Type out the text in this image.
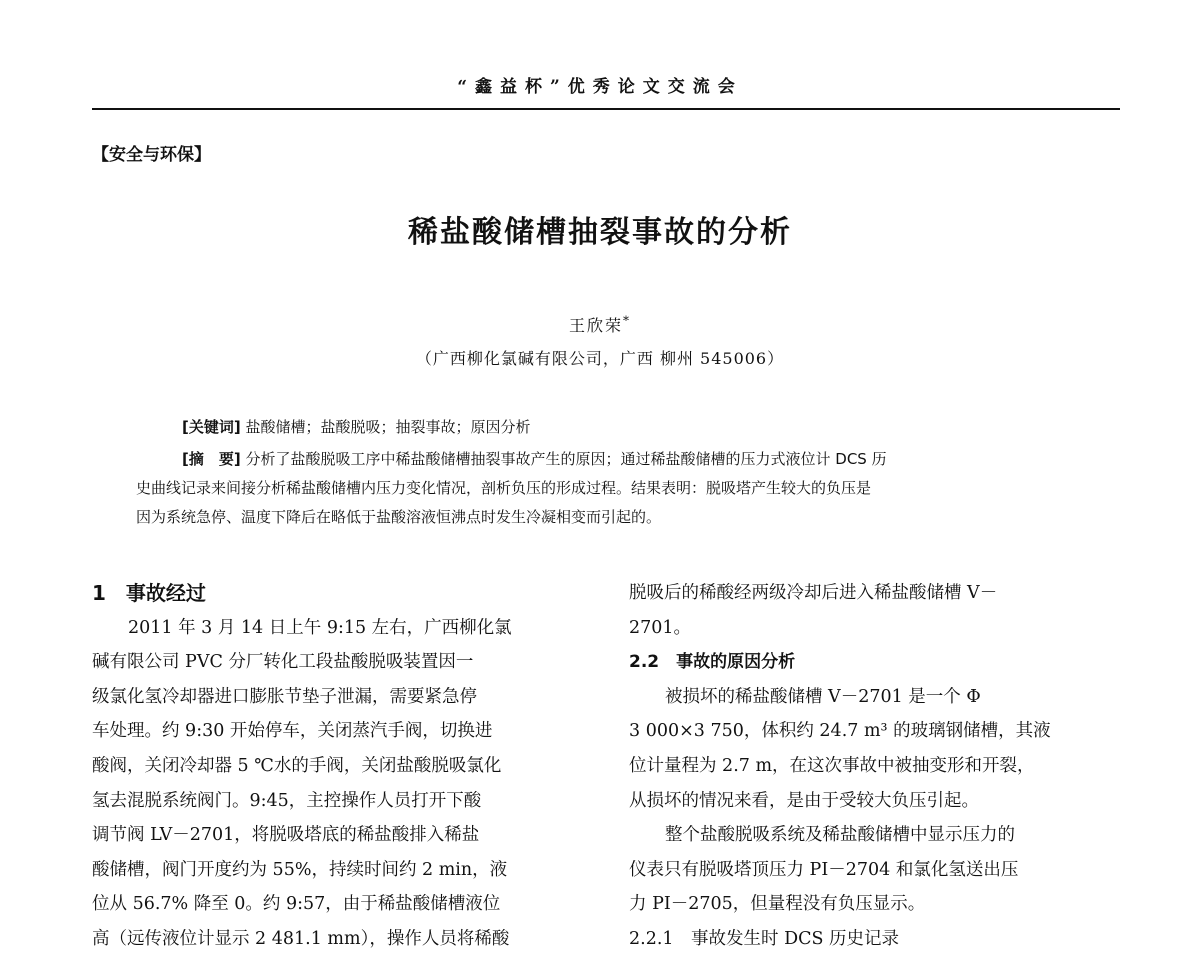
“鑫益杯”优秀论文交流会
【安全与环保】
稀盐酸储槽抽裂事故的分析
王欣荣*
（广西柳化氯碱有限公司，广西 柳州 545006）
[关键词] 盐酸储槽；盐酸脱吸；抽裂事故；原因分析
[摘　要] 分析了盐酸脱吸工序中稀盐酸储槽抽裂事故产生的原因；通过稀盐酸储槽的压力式液位计 DCS 历
史曲线记录来间接分析稀盐酸储槽内压力变化情况，剖析负压的形成过程。结果表明：脱吸塔产生较大的负压是
因为系统急停、温度下降后在略低于盐酸溶液恒沸点时发生冷凝相变而引起的。
1　事故经过
2011 年 3 月 14 日上午 9:15 左右，广西柳化氯
碱有限公司 PVC 分厂转化工段盐酸脱吸装置因一
级氯化氢冷却器进口膨胀节垫子泄漏，需要紧急停
车处理。约 9:30 开始停车，关闭蒸汽手阀，切换进
酸阀，关闭冷却器 5 ℃水的手阀，关闭盐酸脱吸氯化
氢去混脱系统阀门。9:45，主控操作人员打开下酸
调节阀 LV－2701，将脱吸塔底的稀盐酸排入稀盐
酸储槽，阀门开度约为 55%，持续时间约 2 min，液
位从 56.7% 降至 0。约 9:57，由于稀盐酸储槽液位
高（远传液位计显示 2 481.1 mm），操作人员将稀酸
脱吸后的稀酸经两级冷却后进入稀盐酸储槽 V－
2701。
2.2　事故的原因分析
被损坏的稀盐酸储槽 V－2701 是一个 Φ
3 000×3 750，体积约 24.7 m³ 的玻璃钢储槽，其液
位计量程为 2.7 m，在这次事故中被抽变形和开裂，
从损坏的情况来看，是由于受较大负压引起。
整个盐酸脱吸系统及稀盐酸储槽中显示压力的
仪表只有脱吸塔顶压力 PI－2704 和氯化氢送出压
力 PI－2705，但量程没有负压显示。
2.2.1　事故发生时 DCS 历史记录
